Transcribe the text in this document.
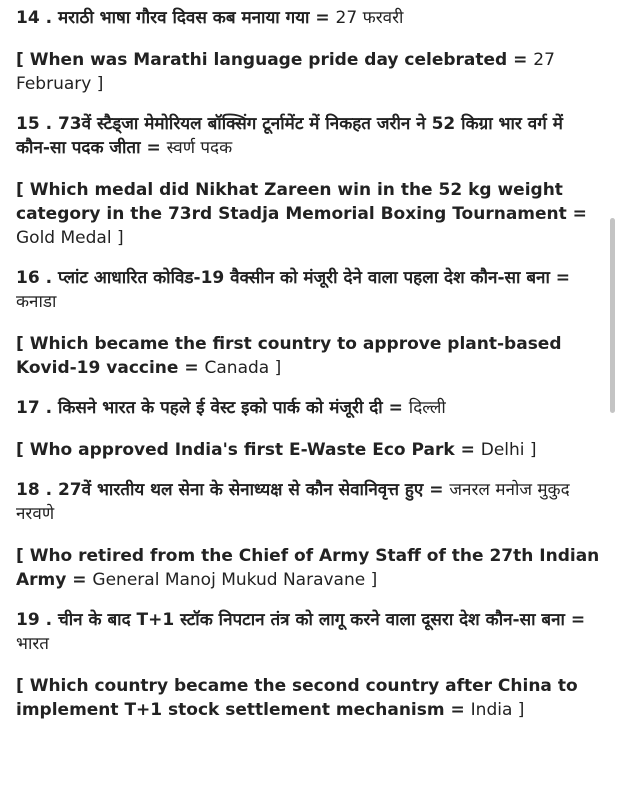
14 . मराठी भाषा गौरव दिवस कब मनाया गया = 27 फरवरी

[ When was Marathi language pride day celebrated = 27 February ]

15 . 73वें स्टैड्जा मेमोरियल बॉक्सिंग टूर्नामेंट में निकहत जरीन ने 52 किग्रा भार वर्ग में कौन-सा पदक जीता = स्वर्ण पदक

[ Which medal did Nikhat Zareen win in the 52 kg weight category in the 73rd Stadja Memorial Boxing Tournament = Gold Medal ]

16 . प्लांट आधारित कोविड-19 वैक्सीन को मंजूरी देने वाला पहला देश कौन-सा बना = कनाडा

[ Which became the first country to approve plant-based Kovid-19 vaccine = Canada ]

17 . किसने भारत के पहले ई वेस्ट इको पार्क को मंजूरी दी = दिल्ली

[ Who approved India's first E-Waste Eco Park = Delhi ]

18 . 27वें भारतीय थल सेना के सेनाध्यक्ष से कौन सेवानिवृत्त हुए = जनरल मनोज मुकुद नरवणे

[ Who retired from the Chief of Army Staff of the 27th Indian Army = General Manoj Mukud Naravane ]

19 . चीन के बाद T+1 स्टॉक निपटान तंत्र को लागू करने वाला दूसरा देश कौन-सा बना = भारत

[ Which country became the second country after China to implement T+1 stock settlement mechanism = India ]
